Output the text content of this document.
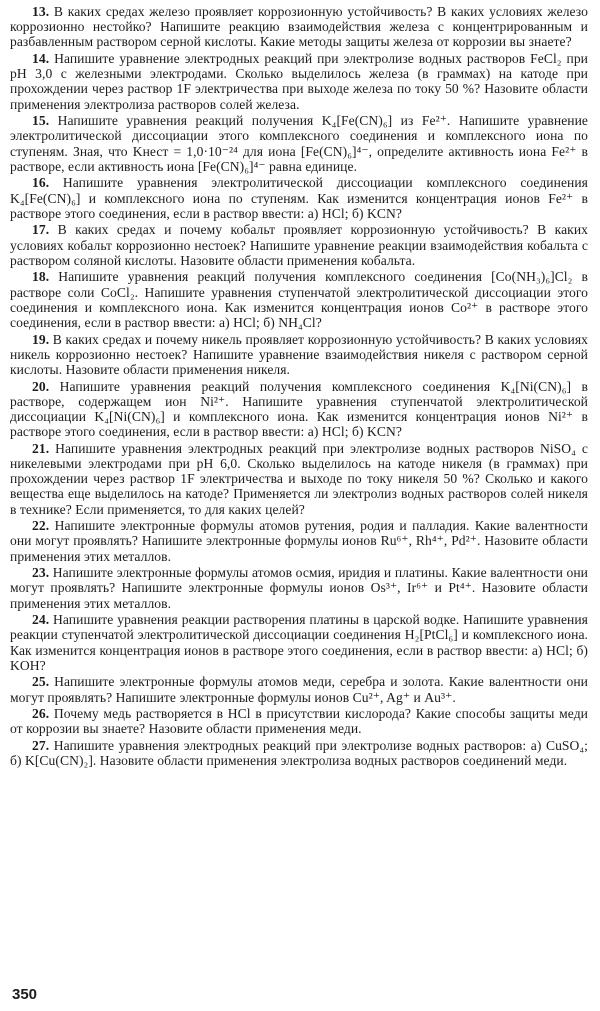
13. В каких средах железо проявляет коррозионную устойчивость? В каких условиях железо коррозионно нестойко? Напишите реакцию взаимодействия железа с концентрированным и разбавленным раствором серной кислоты. Какие методы защиты железа от коррозии вы знаете?

14. Напишите уравнение электродных реакций при электролизе водных растворов FeCl₂ при pH 3,0 с железными электродами. Сколько выделилось железа (в граммах) на катоде при прохождении через раствор 1F электричества при выходе железа по току 50 %? Назовите области применения электролиза растворов солей железа.

15. Напишите уравнения реакций получения K₄[Fe(CN)₆] из Fe²⁺. Напишите уравнение электролитической диссоциации этого комплексного соединения и комплексного иона по ступеням. Зная, что Kнест = 1,0·10⁻²⁴ для иона [Fe(CN)₆]⁴⁻, определите активность иона Fe²⁺ в растворе, если активность иона [Fe(CN)₆]⁴⁻ равна единице.

16. Напишите уравнения электролитической диссоциации комплексного соединения K₄[Fe(CN)₆] и комплексного иона по ступеням. Как изменится концентрация ионов Fe²⁺ в растворе этого соединения, если в раствор ввести: а) HCl; б) KCN?

17. В каких средах и почему кобальт проявляет коррозионную устойчивость? В каких условиях кобальт коррозионно нестоек? Напишите уравнение реакции взаимодействия кобальта с раствором соляной кислоты. Назовите области применения кобальта.

18. Напишите уравнения реакций получения комплексного соединения [Co(NH₃)₆]Cl₂ в растворе соли CoCl₂. Напишите уравнения ступенчатой электролитической диссоциации этого соединения и комплексного иона. Как изменится концентрация ионов Co²⁺ в растворе этого соединения, если в раствор ввести: а) HCl; б) NH₄Cl?

19. В каких средах и почему никель проявляет коррозионную устойчивость? В каких условиях никель коррозионно нестоек? Напишите уравнение взаимодействия никеля с раствором серной кислоты. Назовите области применения никеля.

20. Напишите уравнения реакций получения комплексного соединения K₄[Ni(CN)₆] в растворе, содержащем ион Ni²⁺. Напишите уравнения ступенчатой электролитической диссоциации K₄[Ni(CN)₆] и комплексного иона. Как изменится концентрация ионов Ni²⁺ в растворе этого соединения, если в раствор ввести: а) HCl; б) KCN?

21. Напишите уравнения электродных реакций при электролизе водных растворов NiSO₄ с никелевыми электродами при pH 6,0. Сколько выделилось на катоде никеля (в граммах) при прохождении через раствор 1F электричества и выходе по току никеля 50 %? Сколько и какого вещества еще выделилось на катоде? Применяется ли электролиз водных растворов солей никеля в технике? Если применяется, то для каких целей?

22. Напишите электронные формулы атомов рутения, родия и палладия. Какие валентности они могут проявлять? Напишите электронные формулы ионов Ru⁶⁺, Rh⁴⁺, Pd²⁺. Назовите области применения этих металлов.

23. Напишите электронные формулы атомов осмия, иридия и платины. Какие валентности они могут проявлять? Напишите электронные формулы ионов Os³⁺, Ir⁶⁺ и Pt⁴⁺. Назовите области применения этих металлов.

24. Напишите уравнения реакции растворения платины в царской водке. Напишите уравнения реакции ступенчатой электролитической диссоциации соединения H₂[PtCl₆] и комплексного иона. Как изменится концентрация ионов в растворе этого соединения, если в раствор ввести: а) HCl; б) KOH?

25. Напишите электронные формулы атомов меди, серебра и золота. Какие валентности они могут проявлять? Напишите электронные формулы ионов Cu²⁺, Ag⁺ и Au³⁺.

26. Почему медь растворяется в HCl в присутствии кислорода? Какие способы защиты меди от коррозии вы знаете? Назовите области применения меди.

27. Напишите уравнения электродных реакций при электролизе водных растворов: а) CuSO₄; б) K[Cu(CN)₂]. Назовите области применения электролиза водных растворов соединений меди.

350
